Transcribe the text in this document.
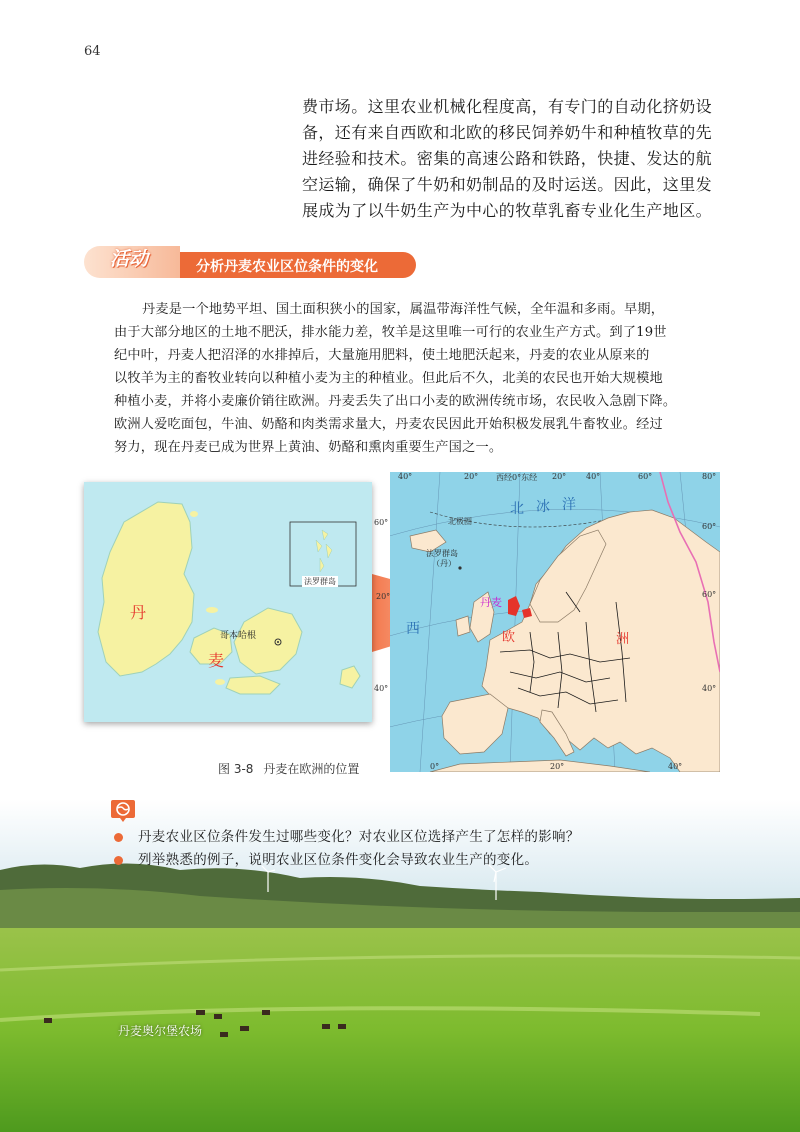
64

费市场。这里农业机械化程度高，有专门的自动化挤奶设

备，还有来自西欧和北欧的移民饲养奶牛和种植牧草的先

进经验和技术。密集的高速公路和铁路，快捷、发达的航

空运输，确保了牛奶和奶制品的及时运送。因此，这里发

展成为了以牛奶生产为中心的牧草乳畜专业化生产地区。

活动	分析丹麦农业区位条件的变化

丹麦是一个地势平坦、国土面积狭小的国家，属温带海洋性气候，全年温和多雨。早期，

由于大部分地区的土地不肥沃，排水能力差，牧羊是这里唯一可行的农业生产方式。到了19世

纪中叶，丹麦人把沼泽的水排掉后，大量施用肥料，使土地肥沃起来，丹麦的农业从原来的

以牧羊为主的畜牧业转向以种植小麦为主的种植业。但此后不久，北美的农民也开始大规模地

种植小麦，并将小麦廉价销往欧洲。丹麦丢失了出口小麦的欧洲传统市场，农民收入急剧下降。

欧洲人爱吃面包，牛油、奶酪和肉类需求量大，丹麦农民因此开始积极发展乳牛畜牧业。经过

努力，现在丹麦已成为世界上黄油、奶酪和熏肉重要生产国之一。

丹
麦
哥本哈根
法罗群岛
40°	20° 西经0°东经 20° 40°	60°	80°
60°
20°
40°
60°
60°
40°
0°	20°	40°
北极圈
北 冰 洋
西
法罗群岛
（丹）
丹麦
欧	洲
图 3-8 丹麦在欧洲的位置
丹麦农业区位条件发生过哪些变化？对农业区位选择产生了怎样的影响？
列举熟悉的例子，说明农业区位条件变化会导致农业生产的变化。
丹麦奥尔堡农场
